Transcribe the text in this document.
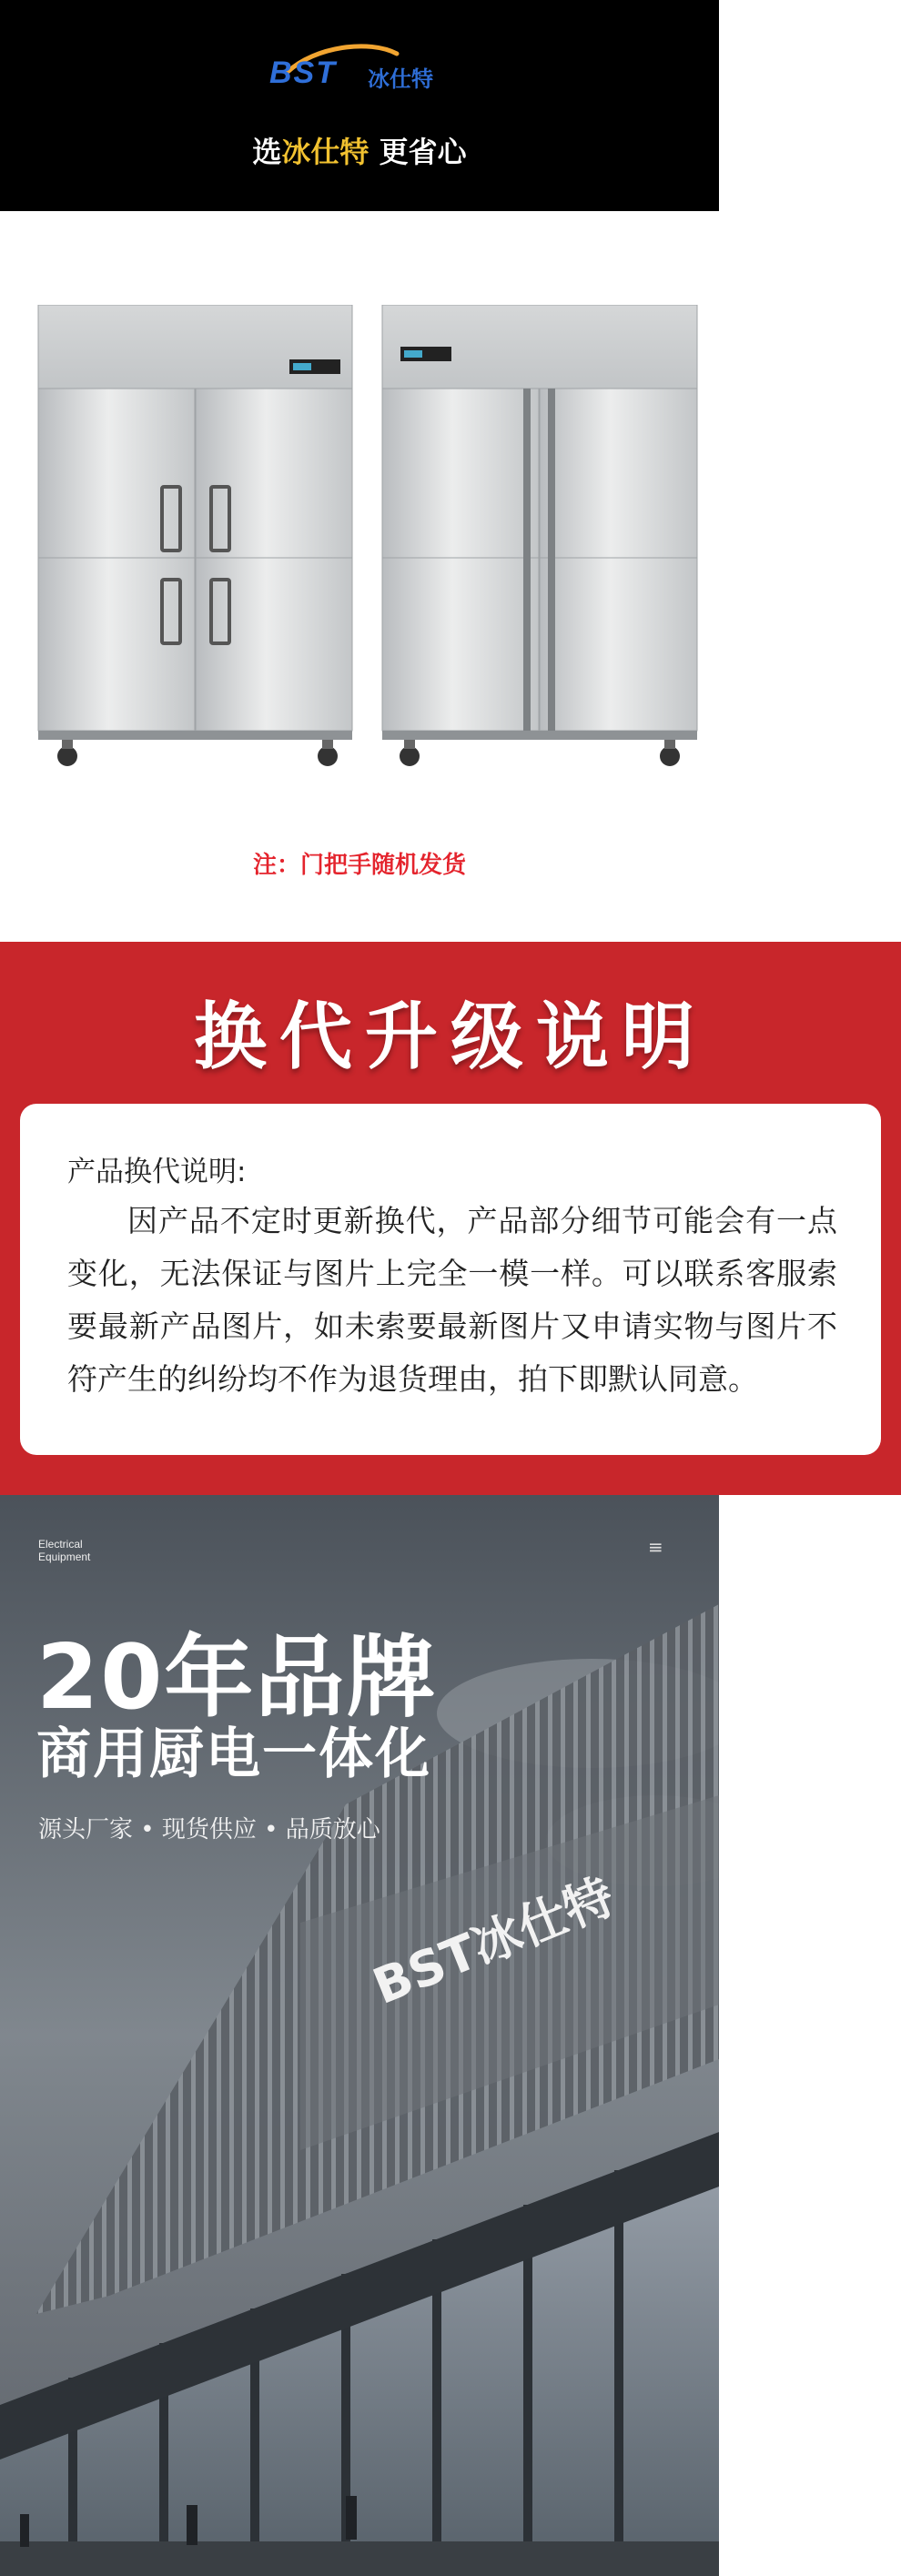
BST 冰仕特
选冰仕特 更省心
注：门把手随机发货
换代升级说明
产品换代说明:
因产品不定时更新换代，产品部分细节可能会有一点变化，无法保证与图片上完全一模一样。可以联系客服索要最新产品图片，如未索要最新图片又申请实物与图片不符产生的纠纷均不作为退货理由，拍下即默认同意。
BST冰仕特
Electrical
Equipment	≡
20年品牌
商用厨电一体化
源头厂家 • 现货供应 • 品质放心
